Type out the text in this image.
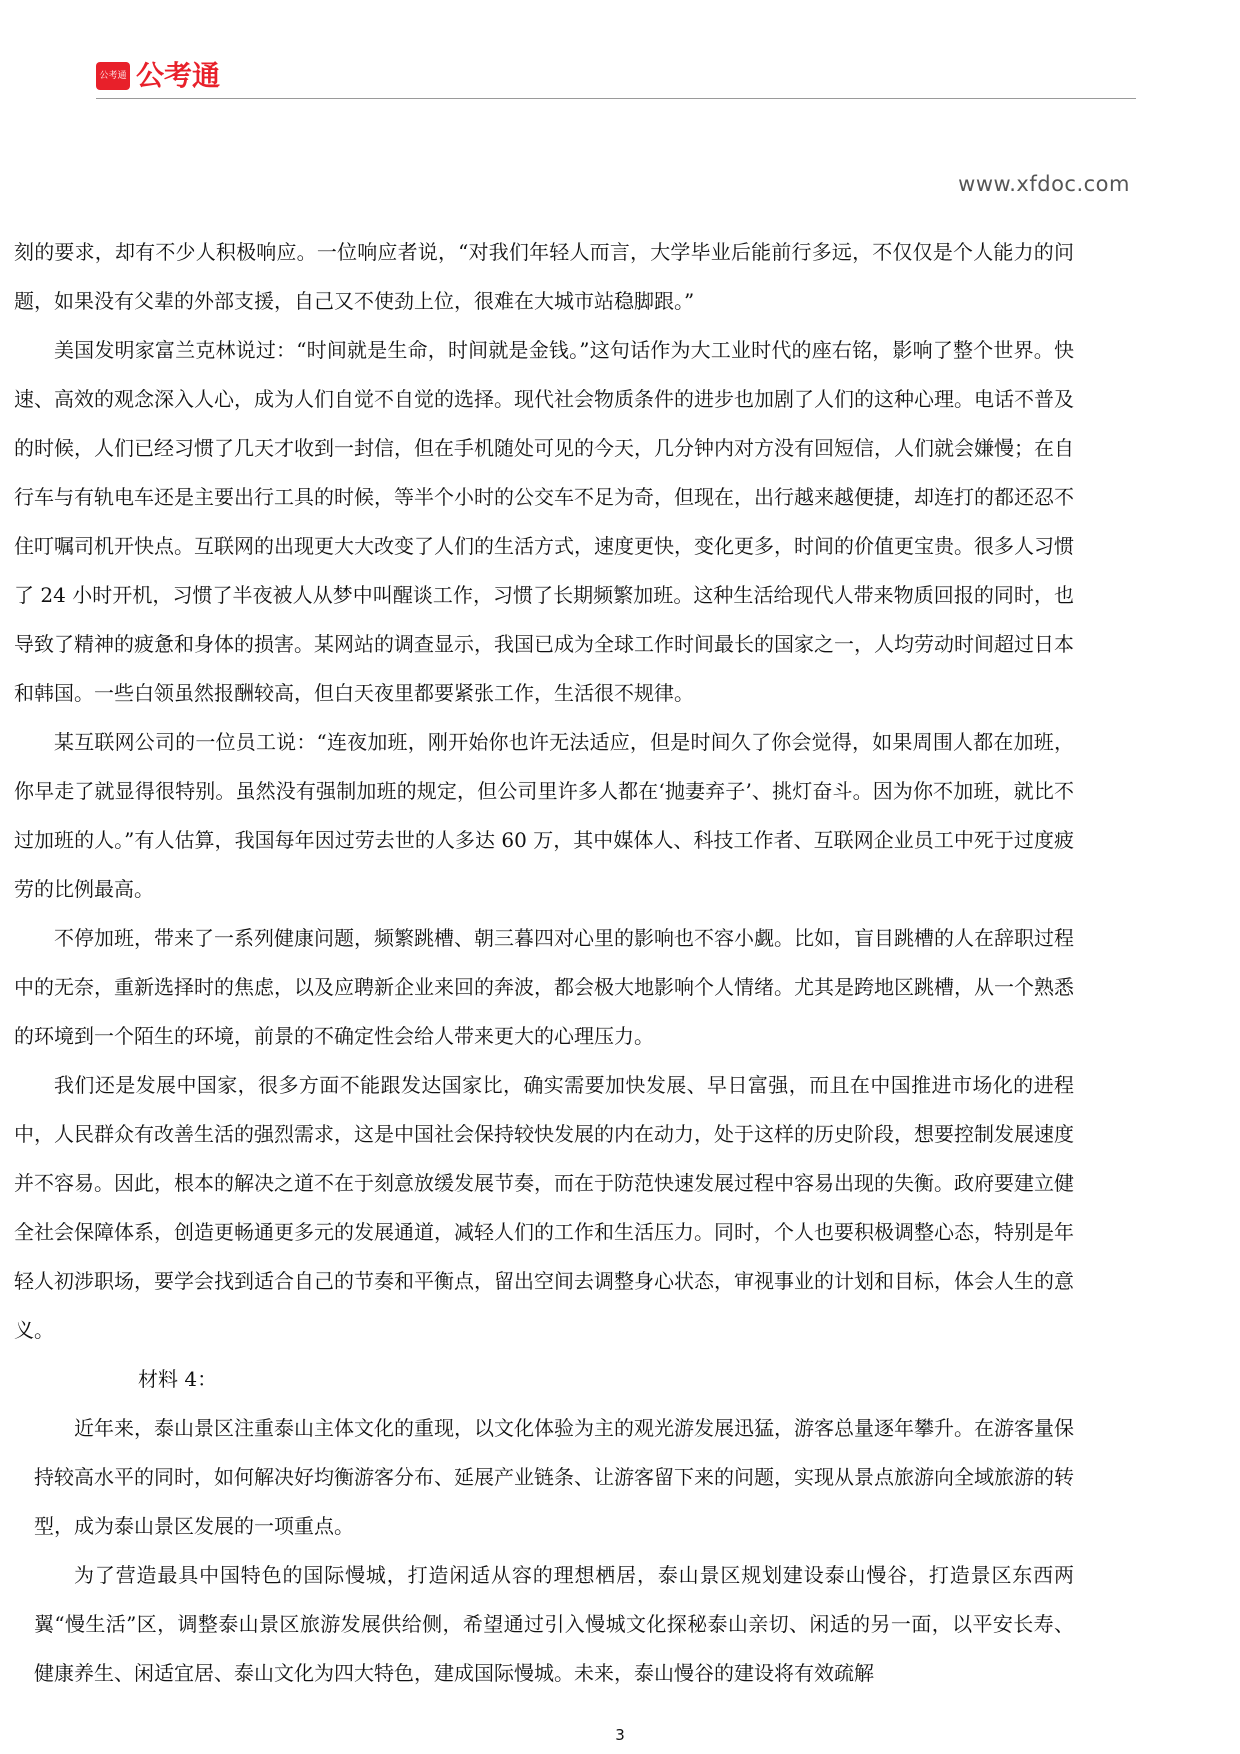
公考通 公考通
www.xfdoc.com

刻的要求，却有不少人积极响应。一位响应者说，“对我们年轻人而言，大学毕业后能前行多远，不仅仅是个人能力的问题，如果没有父辈的外部支援，自己又不使劲上位，很难在大城市站稳脚跟。”

美国发明家富兰克林说过：“时间就是生命，时间就是金钱。”这句话作为大工业时代的座右铭，影响了整个世界。快速、高效的观念深入人心，成为人们自觉不自觉的选择。现代社会物质条件的进步也加剧了人们的这种心理。电话不普及的时候，人们已经习惯了几天才收到一封信，但在手机随处可见的今天，几分钟内对方没有回短信，人们就会嫌慢；在自行车与有轨电车还是主要出行工具的时候，等半个小时的公交车不足为奇，但现在，出行越来越便捷，却连打的都还忍不住叮嘱司机开快点。互联网的出现更大大改变了人们的生活方式，速度更快，变化更多，时间的价值更宝贵。很多人习惯了 24 小时开机，习惯了半夜被人从梦中叫醒谈工作，习惯了长期频繁加班。这种生活给现代人带来物质回报的同时，也导致了精神的疲惫和身体的损害。某网站的调查显示，我国已成为全球工作时间最长的国家之一，人均劳动时间超过日本和韩国。一些白领虽然报酬较高，但白天夜里都要紧张工作，生活很不规律。

某互联网公司的一位员工说：“连夜加班，刚开始你也许无法适应，但是时间久了你会觉得，如果周围人都在加班，你早走了就显得很特别。虽然没有强制加班的规定，但公司里许多人都在‘抛妻弃子’、挑灯奋斗。因为你不加班，就比不过加班的人。”有人估算，我国每年因过劳去世的人多达 60 万，其中媒体人、科技工作者、互联网企业员工中死于过度疲劳的比例最高。

不停加班，带来了一系列健康问题，频繁跳槽、朝三暮四对心里的影响也不容小觑。比如，盲目跳槽的人在辞职过程中的无奈，重新选择时的焦虑，以及应聘新企业来回的奔波，都会极大地影响个人情绪。尤其是跨地区跳槽，从一个熟悉的环境到一个陌生的环境，前景的不确定性会给人带来更大的心理压力。

我们还是发展中国家，很多方面不能跟发达国家比，确实需要加快发展、早日富强，而且在中国推进市场化的进程中，人民群众有改善生活的强烈需求，这是中国社会保持较快发展的内在动力，处于这样的历史阶段，想要控制发展速度并不容易。因此，根本的解决之道不在于刻意放缓发展节奏，而在于防范快速发展过程中容易出现的失衡。政府要建立健全社会保障体系，创造更畅通更多元的发展通道，减轻人们的工作和生活压力。同时，个人也要积极调整心态，特别是年轻人初涉职场，要学会找到适合自己的节奏和平衡点，留出空间去调整身心状态，审视事业的计划和目标，体会人生的意义。

材料 4：

近年来，泰山景区注重泰山主体文化的重现，以文化体验为主的观光游发展迅猛，游客总量逐年攀升。在游客量保持较高水平的同时，如何解决好均衡游客分布、延展产业链条、让游客留下来的问题，实现从景点旅游向全域旅游的转型，成为泰山景区发展的一项重点。

为了营造最具中国特色的国际慢城，打造闲适从容的理想栖居，泰山景区规划建设泰山慢谷，打造景区东西两翼“慢生活”区，调整泰山景区旅游发展供给侧，希望通过引入慢城文化探秘泰山亲切、闲适的另一面，以平安长寿、健康养生、闲适宜居、泰山文化为四大特色，建成国际慢城。未来，泰山慢谷的建设将有效疏解

3
